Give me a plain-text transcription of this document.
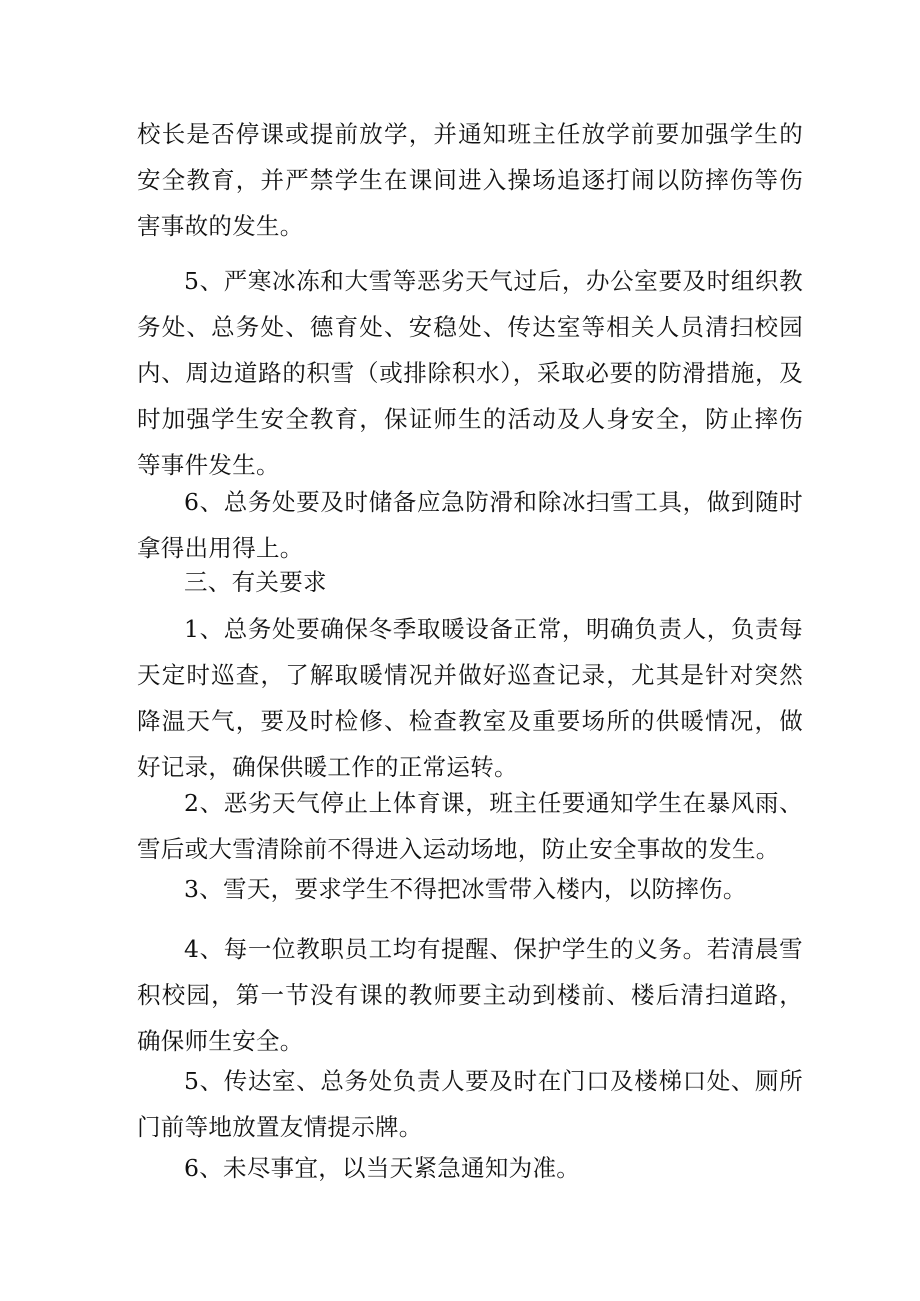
校长是否停课或提前放学，并通知班主任放学前要加强学生的安全教育，并严禁学生在课间进入操场追逐打闹以防摔伤等伤害事故的发生。

5、严寒冰冻和大雪等恶劣天气过后，办公室要及时组织教务处、总务处、德育处、安稳处、传达室等相关人员清扫校园内、周边道路的积雪（或排除积水），采取必要的防滑措施，及时加强学生安全教育，保证师生的活动及人身安全，防止摔伤等事件发生。

6、总务处要及时储备应急防滑和除冰扫雪工具，做到随时拿得出用得上。

三、有关要求

1、总务处要确保冬季取暖设备正常，明确负责人，负责每天定时巡查，了解取暖情况并做好巡查记录，尤其是针对突然降温天气，要及时检修、检查教室及重要场所的供暖情况，做好记录，确保供暖工作的正常运转。

2、恶劣天气停止上体育课，班主任要通知学生在暴风雨、雪后或大雪清除前不得进入运动场地，防止安全事故的发生。

3、雪天，要求学生不得把冰雪带入楼内，以防摔伤。

4、每一位教职员工均有提醒、保护学生的义务。若清晨雪积校园，第一节没有课的教师要主动到楼前、楼后清扫道路，确保师生安全。

5、传达室、总务处负责人要及时在门口及楼梯口处、厕所门前等地放置友情提示牌。

6、未尽事宜，以当天紧急通知为准。
